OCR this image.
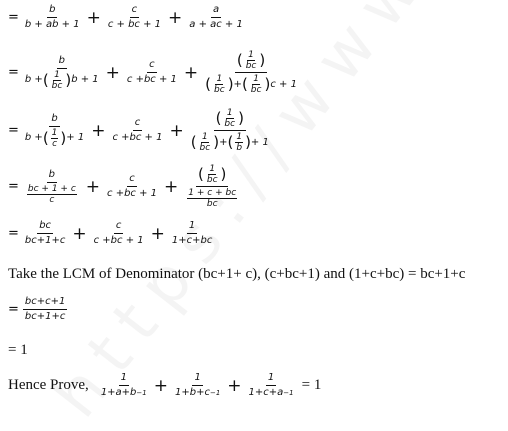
= $\frac{b}{b + ab + 1} + \frac{c}{c + bc + 1} + \frac{a}{a + ac + 1}$
=
b
b + ( $\frac{1}{bc}$ ) $b + 1 + \frac{c}{c +bc + 1}$ +
( $\frac{1}{bc}$ )
( $\frac{1}{bc}$ ) + ( $\frac{1}{bc}$ ) c + 1
=
b
b + ( $\frac{1}{c}$ ) + $1 + \frac{c}{c +bc + 1}$ +
( $\frac{1}{bc}$ )
( $\frac{1}{bc}$ ) + ( $\frac{1}{b}$ ) + 1
= $\frac{b}{\frac{bc + 1 + c}{c}} + \frac{c}{c +bc + 1} + \frac{( \frac{1}{bc} )}{\frac{1 + c + bc}{bc}}$
= $\frac{bc}{bc+1+c} + \frac{c}{c +bc + 1} + \frac{1}{1+c+bc}$
Take the LCM of Denominator (bc+1+ c), (c+bc+1) and (1+c+bc) = bc+1+c
= $\frac{bc+c+1}{bc+1+c}$
= 1
Hence Prove, $\frac{1}{1+a+b -1} + \frac{1}{1+b+c -1} + \frac{1}{1+c+a -1} = 1$
